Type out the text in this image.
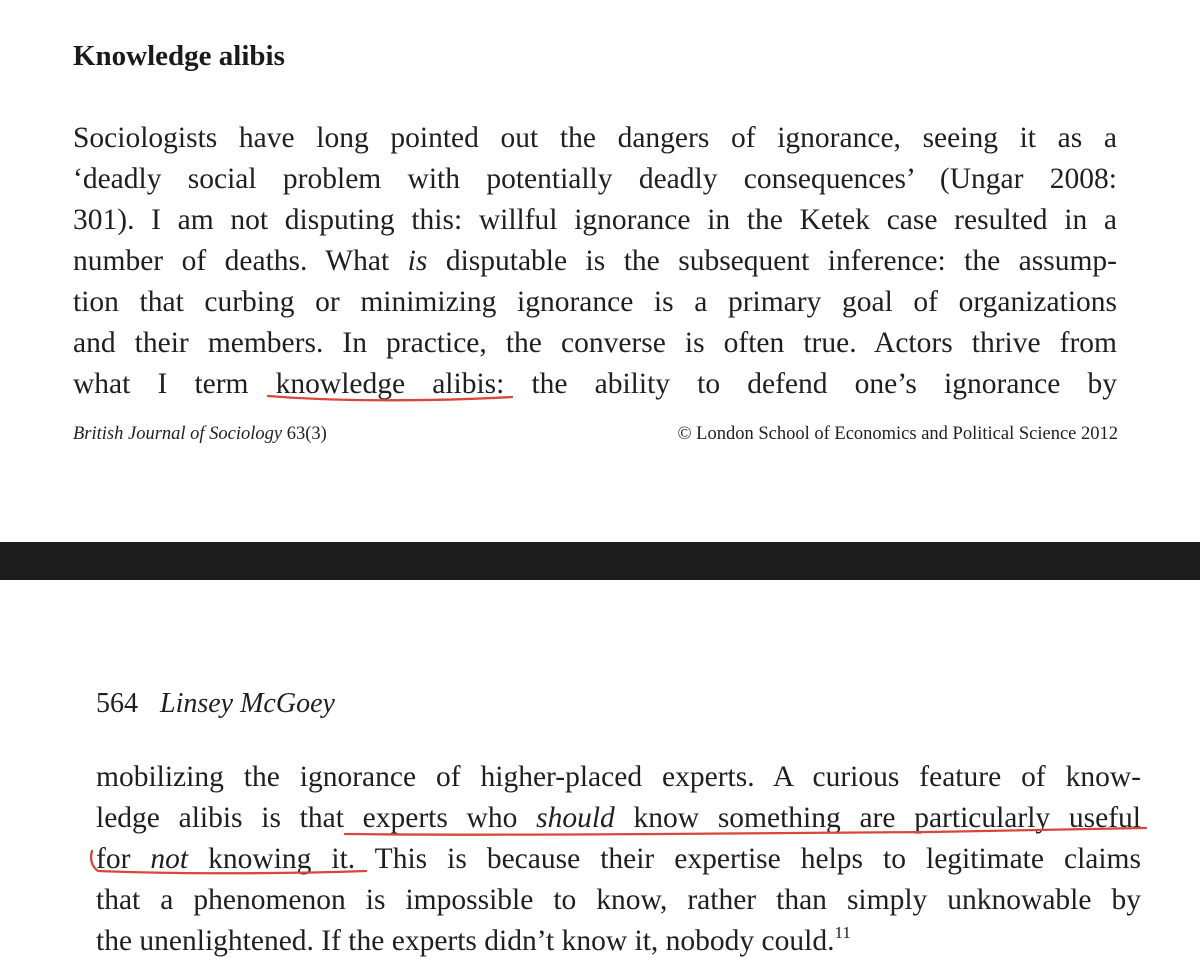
Knowledge alibis

Sociologists have long pointed out the dangers of ignorance, seeing it as a
‘deadly social problem with potentially deadly consequences’ (Ungar 2008:
301). I am not disputing this: willful ignorance in the Ketek case resulted in a
number of deaths. What is disputable is the subsequent inference: the assump-
tion that curbing or minimizing ignorance is a primary goal of organizations
and their members. In practice, the converse is often true. Actors thrive from
what I term knowledge alibis: the ability to defend one’s ignorance by

British Journal of Sociology 63(3)	© London School of Economics and Political Science 2012

564 Linsey McGoey

mobilizing the ignorance of higher-placed experts. A curious feature of know-
ledge alibis is that experts who should know something are particularly useful
for not knowing it. This is because their expertise helps to legitimate claims
that a phenomenon is impossible to know, rather than simply unknowable by
the unenlightened. If the experts didn’t know it, nobody could.$^{11}$
